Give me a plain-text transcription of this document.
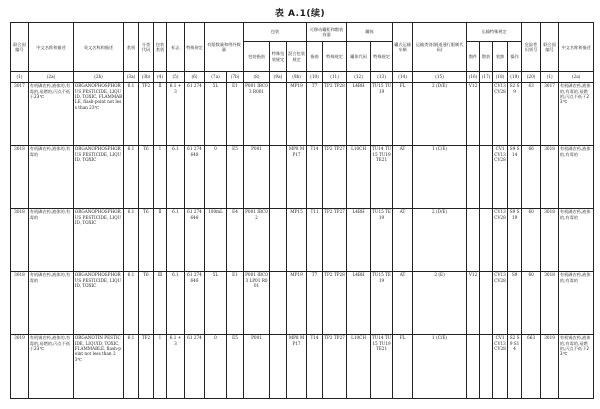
表 A.1(续)
联合国编号	中文名称和描述	英文名称和描述	类别	分类代码	包装类别	标志	特殊规定	有限数量和例外数量		包装			可移动罐柜和散装容器		罐体		罐式运输车辆	运输类别(隧道通行限制代码)	运输特殊规定				危险性识别号	联合国编号	中文名称和描述
										包装指南	特殊包装规定	混合包装规定	指南	特殊规定	罐体代码	特殊规定			散件	散装	装卸	操作			
(1)	(2a)	(2b)	(3a)	(3b)	(4)	(5)	(6)	(7a)	(7b)	(8)	(9a)	(9b)	(10)	(11)	(12)	(13)	(14)	(15)	(16)	(17)	(18)	(19)	(20)	(1)	(2a)
3017	有机磷农药,液体的,有毒的,易燃的,闪点不低于23℃	ORGANOPHOSPHORUS PESTICIDE, LIQUID, TOXIC, FLAMMABLE, flash-point not less than 23℃	6.1	TF2	Ⅱ	6.1 + 3	61 274	5L	E1	P001 IBC03 R001		MP19	T7	TP2 TP28	L4BH	TU15 TU19	FL	2 (D/E)	V12		CV13 CV28	S2 S9	63	3017	有机磷农药,液体的,有毒的,易燃的,闪点不低于23℃
3018	有机磷农药,液体的,有毒的	ORGANOPHOSPHORUS PESTICIDE, LIQUID, TOXIC	6.1	T6	Ⅰ	6.1	61 274 648	0	E5	P001		MP8 MP17	T14	TP2 TP27	L10CH	TU14 TU15 TU19 TE21	AT	1 (C/E)			CV1 CV13 CV28	S9 S14	66	3018	有机磷农药,液体的,有毒的
3018	有机磷农药,液体的,有毒的	ORGANOPHOSPHORUS PESTICIDE, LIQUID, TOXIC	6.1	T6	Ⅱ	6.1	61 274 648	100mL	E4	P001 IBC02		MP15	T11	TP2 TP27	L4BH	TU15 TE19	AT	2 (D/E)			CV13 CV28	S9 S19	60	3018	有机磷农药,液体的,有毒的
3018	有机磷农药,液体的,有毒的	ORGANOPHOSPHORUS PESTICIDE, LIQUID, TOXIC	6.1	T6	Ⅲ	6.1	61 274 648	5L	E1	P001 IBC03 LP01 R001		MP19	T7	TP2 TP28	L4BH	TU15 TE19	AT	2 (E)	V12		CV13 CV28	S9	60	3018	有机磷农药,液体的,有毒的
3019	有机锡农药,液体的,有毒的,易燃的,闪点不低于23℃	ORGANOTIN PESTICIDE, LIQUID, TOXIC, FLAMMABLE, flash-point not less than 23℃	6.1	TF2	Ⅰ	6.1 + 3	61 274	0	E5	P001		MP8 MP17	T14	TP2 TP27	L10CH	TU14 TU15 TU19 TE21	FL	1 (C/E)			CV1 CV13 CV28	S2 S9 S14	663	3019	有机锡农药,液体的,有毒的,易燃的,闪点不低于23℃
